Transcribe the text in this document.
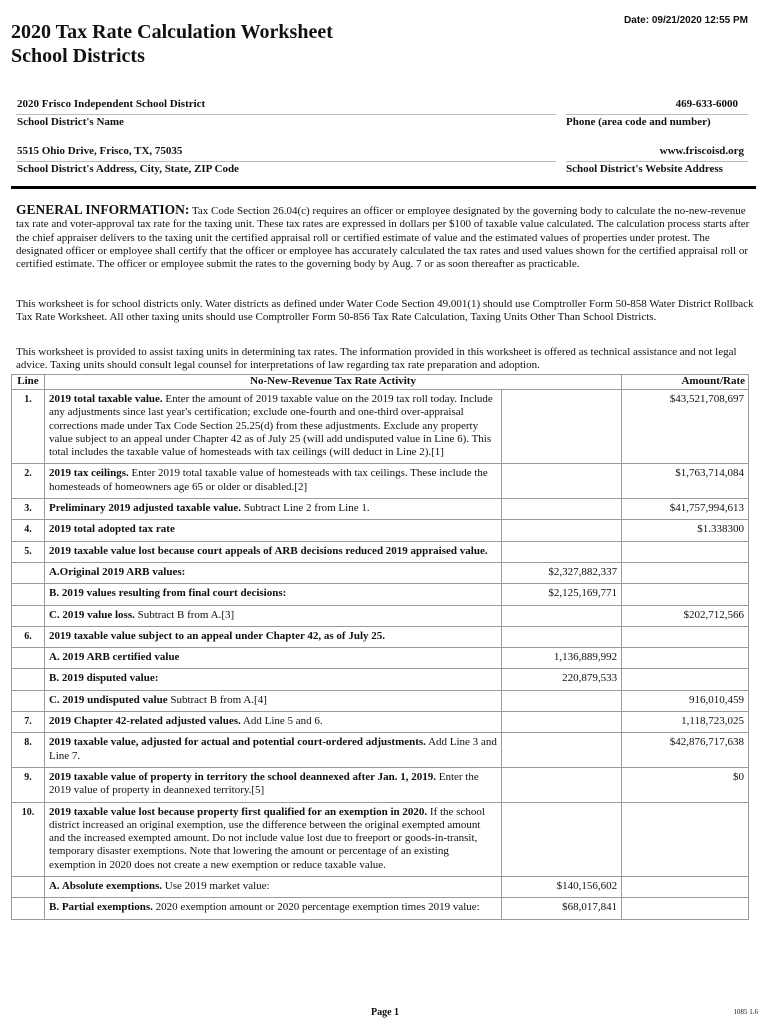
Date: 09/21/2020 12:55 PM
2020 Tax Rate Calculation Worksheet
School Districts
2020 Frisco Independent School District
School District's Name
469-633-6000
Phone (area code and number)
5515 Ohio Drive, Frisco, TX, 75035
School District's Address, City, State, ZIP Code
www.friscoisd.org
School District's Website Address
GENERAL INFORMATION: Tax Code Section 26.04(c) requires an officer or employee designated by the governing body to calculate the no-new-revenue tax rate and voter-approval tax rate for the taxing unit. These tax rates are expressed in dollars per $100 of taxable value calculated. The calculation process starts after the chief appraiser delivers to the taxing unit the certified appraisal roll or certified estimate of value and the estimated values of properties under protest. The designated officer or employee shall certify that the officer or employee has accurately calculated the tax rates and used values shown for the certified appraisal roll or certified estimate. The officer or employee submit the rates to the governing body by Aug. 7 or as soon thereafter as practicable.
This worksheet is for school districts only. Water districts as defined under Water Code Section 49.001(1) should use Comptroller Form 50-858 Water District Rollback Tax Rate Worksheet. All other taxing units should use Comptroller Form 50-856 Tax Rate Calculation, Taxing Units Other Than School Districts.
This worksheet is provided to assist taxing units in determining tax rates. The information provided in this worksheet is offered as technical assistance and not legal advice. Taxing units should consult legal counsel for interpretations of law regarding tax rate preparation and adoption.
Line	No-New-Revenue Tax Rate Activity		Amount/Rate
1.	2019 total taxable value. Enter the amount of 2019 taxable value on the 2019 tax roll today. Include any adjustments since last year's certification; exclude one-fourth and one-third over-appraisal corrections made under Tax Code Section 25.25(d) from these adjustments. Exclude any property value subject to an appeal under Chapter 42 as of July 25 (will add undisputed value in Line 6). This total includes the taxable value of homesteads with tax ceilings (will deduct in Line 2).[1]		$43,521,708,697
2.	2019 tax ceilings. Enter 2019 total taxable value of homesteads with tax ceilings. These include the homesteads of homeowners age 65 or older or disabled.[2]		$1,763,714,084
3.	Preliminary 2019 adjusted taxable value. Subtract Line 2 from Line 1.		$41,757,994,613
4.	2019 total adopted tax rate		$1.338300
5.	2019 taxable value lost because court appeals of ARB decisions reduced 2019 appraised value.		
	A.Original 2019 ARB values:	$2,327,882,337	
	B. 2019 values resulting from final court decisions:	$2,125,169,771	
	C. 2019 value loss. Subtract B from A.[3]		$202,712,566
6.	2019 taxable value subject to an appeal under Chapter 42, as of July 25.		
	A. 2019 ARB certified value	1,136,889,992	
	B. 2019 disputed value:	220,879,533	
	C. 2019 undisputed value Subtract B from A.[4]		916,010,459
7.	2019 Chapter 42-related adjusted values. Add Line 5 and 6.		1,118,723,025
8.	2019 taxable value, adjusted for actual and potential court-ordered adjustments. Add Line 3 and Line 7.		$42,876,717,638
9.	2019 taxable value of property in territory the school deannexed after Jan. 1, 2019. Enter the 2019 value of property in deannexed territory.[5]		$0
10.	2019 taxable value lost because property first qualified for an exemption in 2020. If the school district increased an original exemption, use the difference between the original exempted amount and the increased exempted amount. Do not include value lost due to freeport or goods-in-transit, temporary disaster exemptions. Note that lowering the amount or percentage of an existing exemption in 2020 does not create a new exemption or reduce taxable value.		
	A. Absolute exemptions. Use 2019 market value:	$140,156,602	
	B. Partial exemptions. 2020 exemption amount or 2020 percentage exemption times 2019 value:	$68,017,841	
Page 1	1085 1.6
